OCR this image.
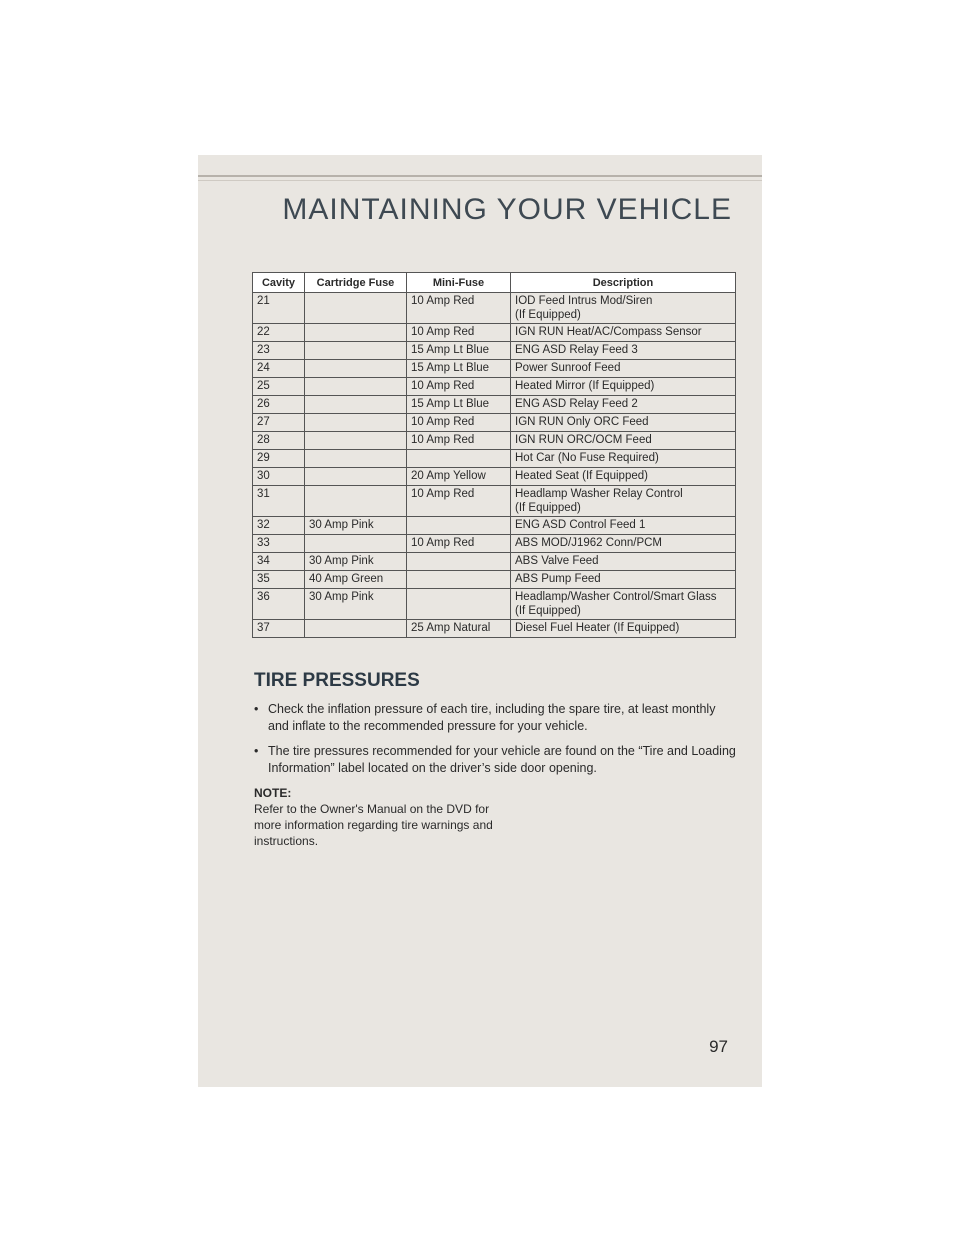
MAINTAINING YOUR VEHICLE
Cavity	Cartridge Fuse	Mini-Fuse	Description
21		10 Amp Red	IOD Feed Intrus Mod/Siren
(If Equipped)
22		10 Amp Red	IGN RUN Heat/AC/Compass Sensor
23		15 Amp Lt Blue	ENG ASD Relay Feed 3
24		15 Amp Lt Blue	Power Sunroof Feed
25		10 Amp Red	Heated Mirror (If Equipped)
26		15 Amp Lt Blue	ENG ASD Relay Feed 2
27		10 Amp Red	IGN RUN Only ORC Feed
28		10 Amp Red	IGN RUN ORC/OCM Feed
29			Hot Car (No Fuse Required)
30		20 Amp Yellow	Heated Seat (If Equipped)
31		10 Amp Red	Headlamp Washer Relay Control
(If Equipped)
32	30 Amp Pink		ENG ASD Control Feed 1
33		10 Amp Red	ABS MOD/J1962 Conn/PCM
34	30 Amp Pink		ABS Valve Feed
35	40 Amp Green		ABS Pump Feed
36	30 Amp Pink		Headlamp/Washer Control/Smart Glass
(If Equipped)
37		25 Amp Natural	Diesel Fuel Heater (If Equipped)
TIRE PRESSURES
• Check the inflation pressure of each tire, including the spare tire, at least monthly and inflate to the recommended pressure for your vehicle.
• The tire pressures recommended for your vehicle are found on the “Tire and Loading Information” label located on the driver’s side door opening.
NOTE:
Refer to the Owner's Manual on the DVD for more information regarding tire warnings and instructions.
97
